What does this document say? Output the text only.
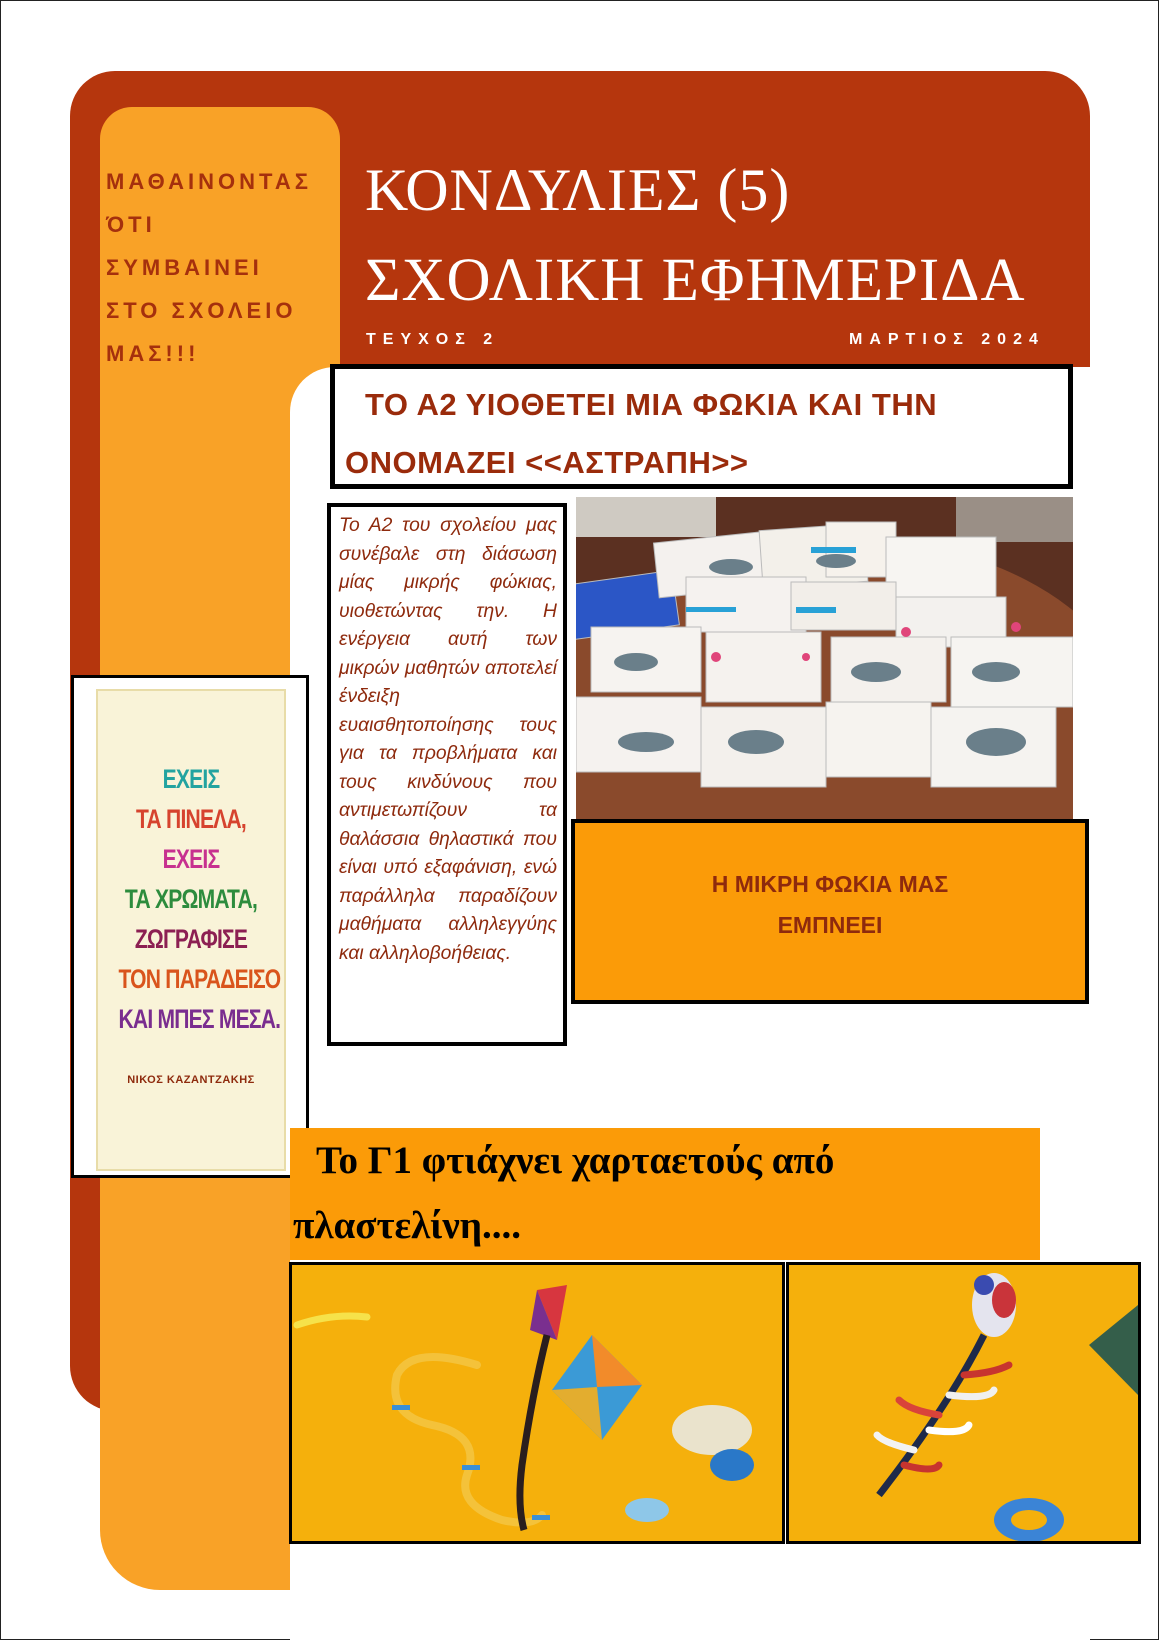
ΜΑΘΑΙΝΟΝΤΑΣ
ΌΤΙ
ΣΥΜΒΑΙΝΕΙ
ΣΤΟ ΣΧΟΛΕΙΟ
ΜΑΣ!!!
ΚΟΝΔΥΛΙΕΣ (5)
ΣΧΟΛΙΚΗ ΕΦΗΜΕΡΙΔΑ
ΤΕΥΧΟΣ 2	ΜΑΡΤΙΟΣ 2024
ΤΟ Α2 ΥΙΟΘΕΤΕΙ ΜΙΑ ΦΩΚΙΑ ΚΑΙ ΤΗΝ
ΟΝΟΜΑΖΕΙ <<ΑΣΤΡΑΠΗ>>

Το Α2 του σχολείου μας συνέβαλε στη διάσωση μίας μικρής φώκιας, υιοθετώντας την. Η ενέργεια αυτή των μικρών μαθητών αποτελεί ένδειξη ευαισθητοποίησης τους για τα προβλήματα και τους κινδύνους που αντιμετωπίζουν τα θαλάσσια θηλαστικά που είναι υπό εξαφάνιση, ενώ παράλληλα παραδίζουν μαθήματα αλληλεγγύης και αλληλοβοήθειας.

Η ΜΙΚΡΗ ΦΩΚΙΑ ΜΑΣ
ΕΜΠΝΕΕΙ
ΕΧΕΙΣ
ΤΑ ΠΙΝΕΛΑ,
ΕΧΕΙΣ
ΤΑ ΧΡΩΜΑΤΑ,
ΖΩΓΡΑΦΙΣΕ
ΤΟΝ ΠΑΡΑΔΕΙΣΟ
ΚΑΙ ΜΠΕΣ ΜΕΣΑ.
ΝΙΚΟΣ ΚΑΖΑΝΤΖΑΚΗΣ
Το Γ1 φτιάχνει χαρταετούς από
πλαστελίνη....
